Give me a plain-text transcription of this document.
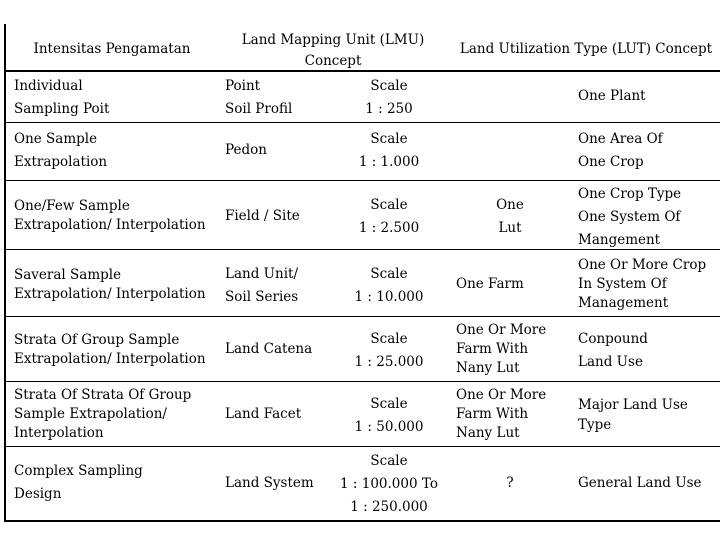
Intensitas Pengamatan
Land Mapping Unit (LMU)
Concept
Land Utilization Type (LUT) Concept
Individual
Sampling Poit
Point
Soil Profil
Scale
1 : 250
One Plant
One Sample
Extrapolation
Pedon
Scale
1 : 1.000
One Area Of
One Crop
One/Few Sample
Extrapolation/ Interpolation
Field / Site
Scale
1 : 2.500
One
Lut
One Crop Type
One System Of
Mangement
Saveral Sample
Extrapolation/ Interpolation
Land Unit/
Soil Series
Scale
1 : 10.000
One Farm
One Or More Crop
In System Of
Management
Strata Of Group Sample
Extrapolation/ Interpolation
Land Catena
Scale
1 : 25.000
One Or More
Farm With
Nany Lut
Conpound
Land Use
Strata Of Strata Of Group
Sample Extrapolation/
Interpolation
Land Facet
Scale
1 : 50.000
One Or More
Farm With
Nany Lut
Major Land Use
Type
Complex Sampling
Design
Land System
Scale
1 : 100.000 To
1 : 250.000
?	General Land Use
